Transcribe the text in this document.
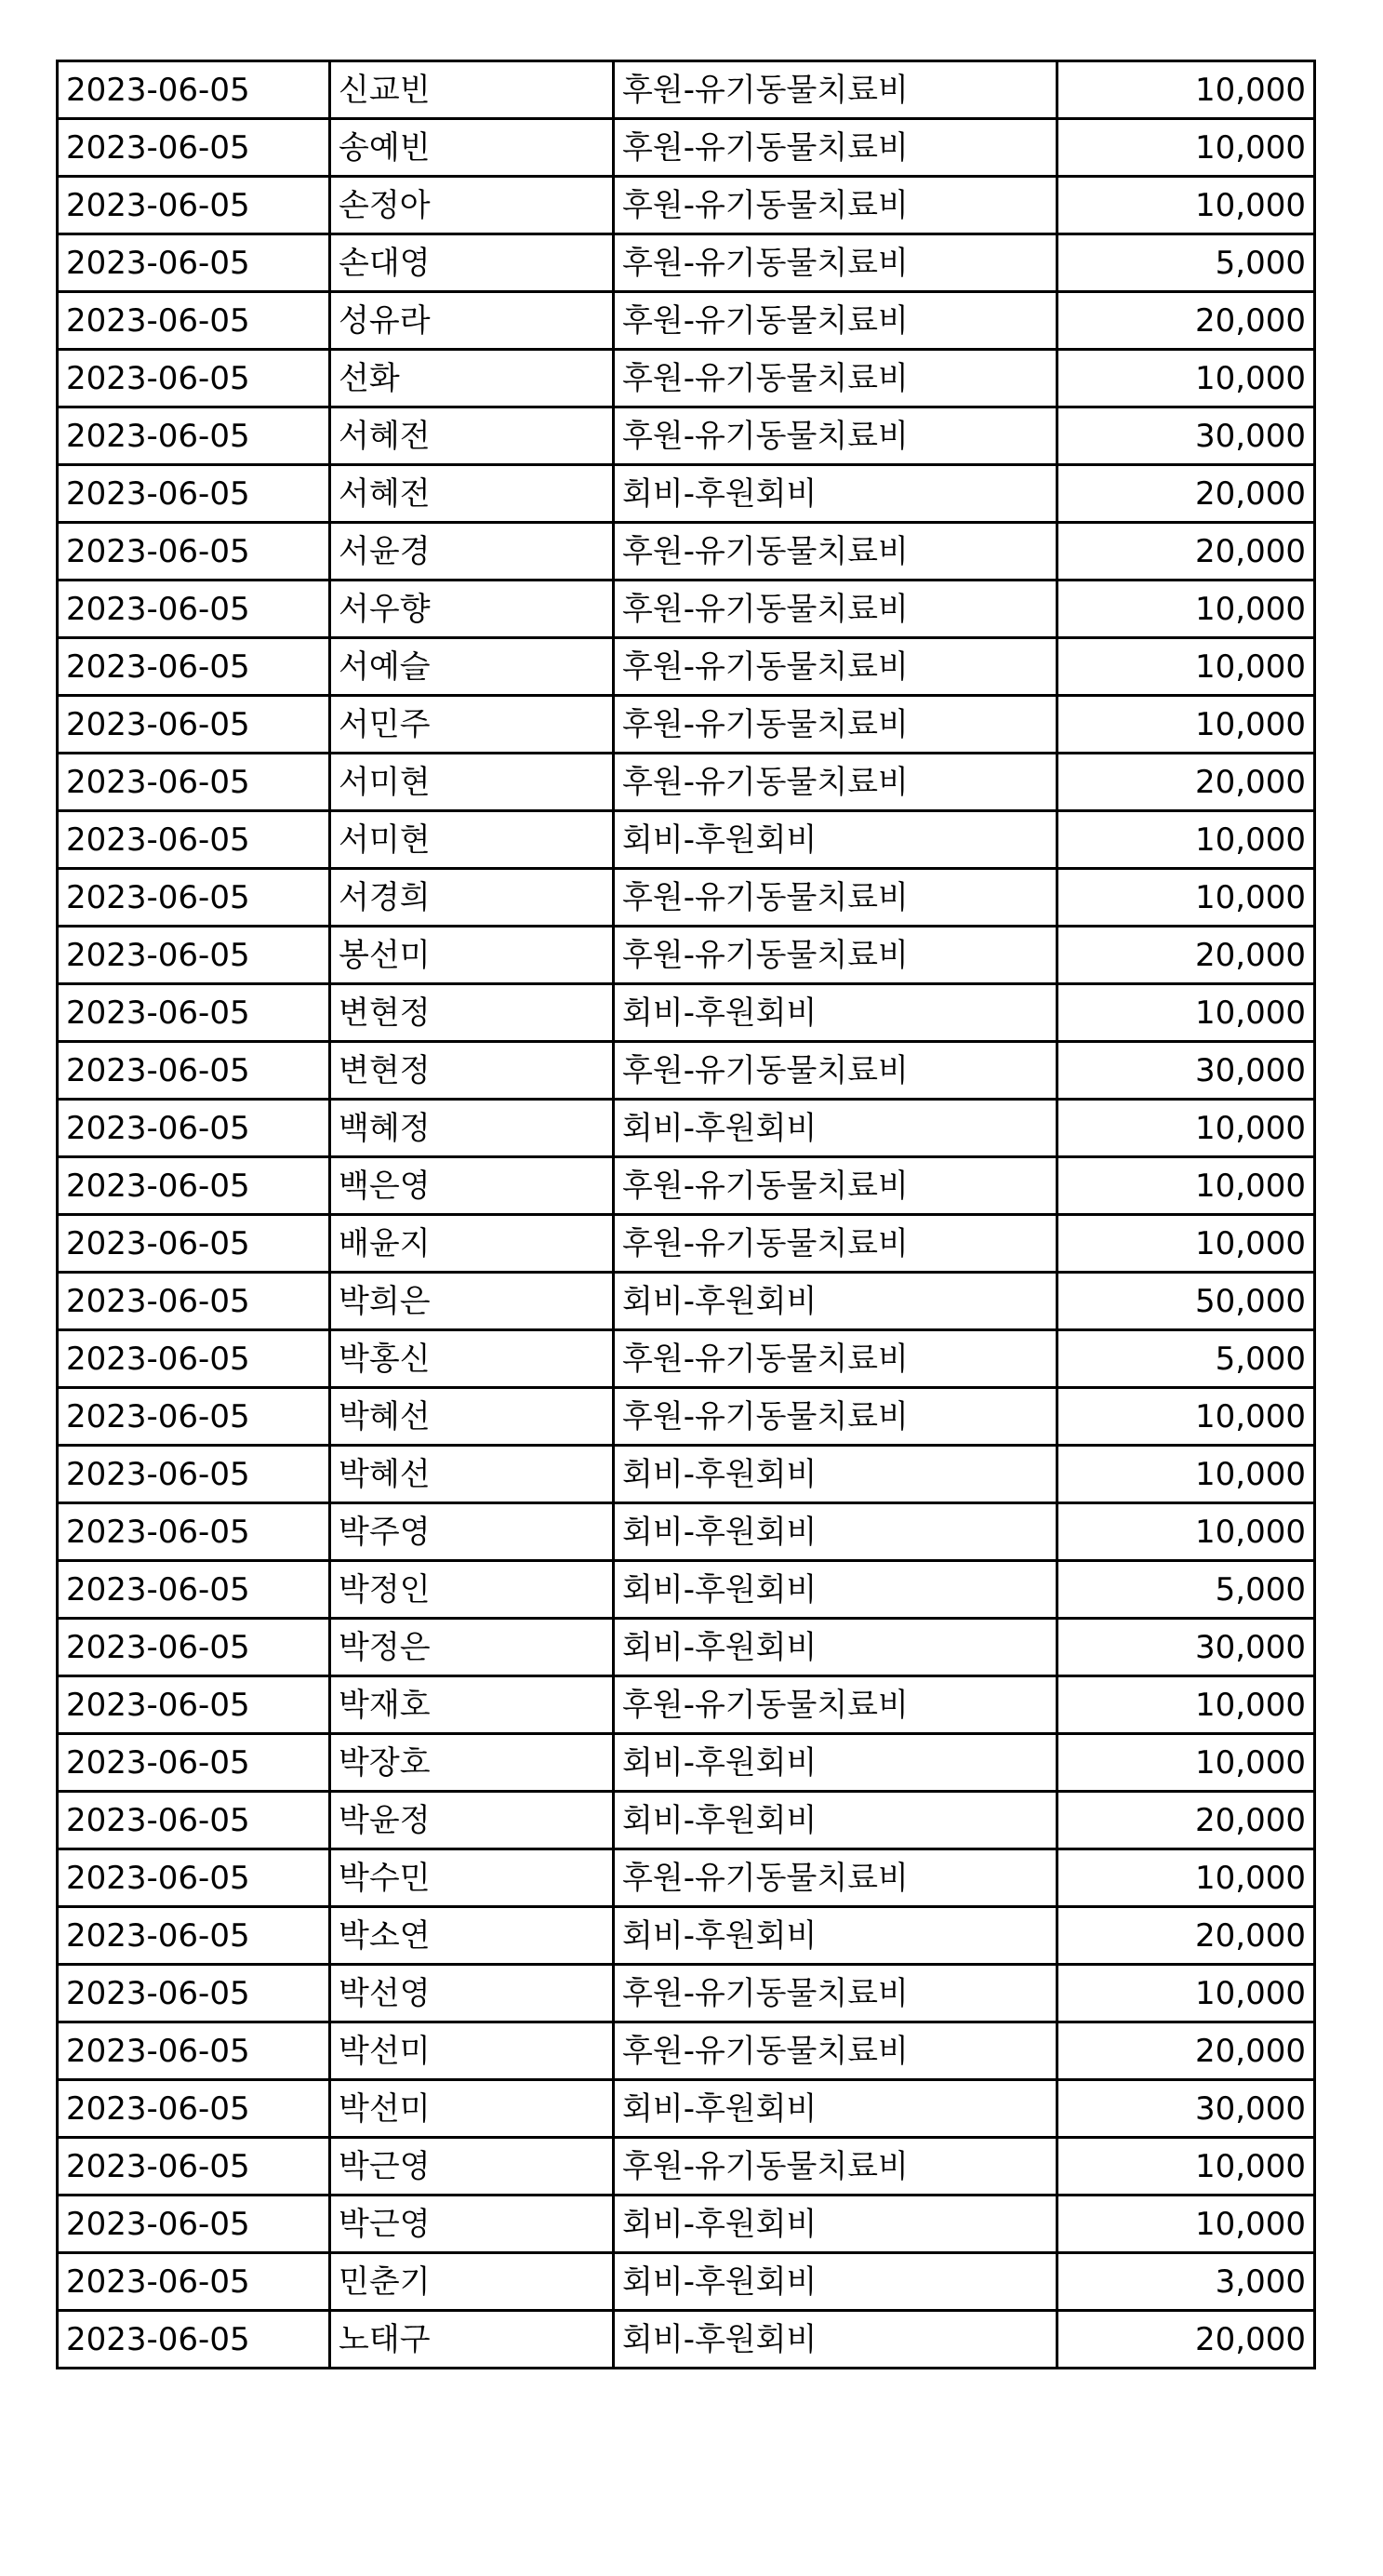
2023-06-05	신교빈	후원-유기동물치료비	10,000
2023-06-05	송예빈	후원-유기동물치료비	10,000
2023-06-05	손정아	후원-유기동물치료비	10,000
2023-06-05	손대영	후원-유기동물치료비	5,000
2023-06-05	성유라	후원-유기동물치료비	20,000
2023-06-05	선화	후원-유기동물치료비	10,000
2023-06-05	서혜전	후원-유기동물치료비	30,000
2023-06-05	서혜전	회비-후원회비	20,000
2023-06-05	서윤경	후원-유기동물치료비	20,000
2023-06-05	서우향	후원-유기동물치료비	10,000
2023-06-05	서예슬	후원-유기동물치료비	10,000
2023-06-05	서민주	후원-유기동물치료비	10,000
2023-06-05	서미현	후원-유기동물치료비	20,000
2023-06-05	서미현	회비-후원회비	10,000
2023-06-05	서경희	후원-유기동물치료비	10,000
2023-06-05	봉선미	후원-유기동물치료비	20,000
2023-06-05	변현정	회비-후원회비	10,000
2023-06-05	변현정	후원-유기동물치료비	30,000
2023-06-05	백혜정	회비-후원회비	10,000
2023-06-05	백은영	후원-유기동물치료비	10,000
2023-06-05	배윤지	후원-유기동물치료비	10,000
2023-06-05	박희은	회비-후원회비	50,000
2023-06-05	박홍신	후원-유기동물치료비	5,000
2023-06-05	박혜선	후원-유기동물치료비	10,000
2023-06-05	박혜선	회비-후원회비	10,000
2023-06-05	박주영	회비-후원회비	10,000
2023-06-05	박정인	회비-후원회비	5,000
2023-06-05	박정은	회비-후원회비	30,000
2023-06-05	박재호	후원-유기동물치료비	10,000
2023-06-05	박장호	회비-후원회비	10,000
2023-06-05	박윤정	회비-후원회비	20,000
2023-06-05	박수민	후원-유기동물치료비	10,000
2023-06-05	박소연	회비-후원회비	20,000
2023-06-05	박선영	후원-유기동물치료비	10,000
2023-06-05	박선미	후원-유기동물치료비	20,000
2023-06-05	박선미	회비-후원회비	30,000
2023-06-05	박근영	후원-유기동물치료비	10,000
2023-06-05	박근영	회비-후원회비	10,000
2023-06-05	민춘기	회비-후원회비	3,000
2023-06-05	노태구	회비-후원회비	20,000
